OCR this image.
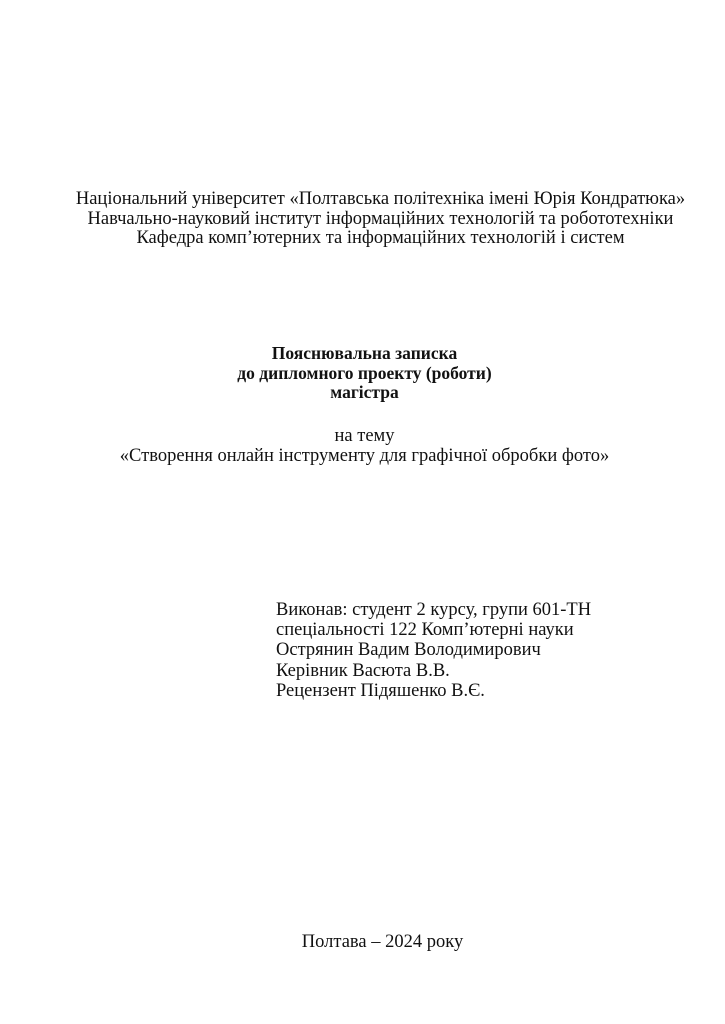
Національний університет «Полтавська політехніка імені Юрія Кондратюка»
Навчально-науковий інститут інформаційних технологій та робототехніки
Кафедра комп’ютерних та інформаційних технологій і систем
Пояснювальна записка
до дипломного проекту (роботи)
магістра
на тему
«Створення онлайн інструменту для графічної обробки фото»
Виконав: студент 2 курсу, групи 601-ТН
спеціальності 122 Комп’ютерні науки
Острянин Вадим Володимирович
Керівник Васюта В.В.
Рецензент Підяшенко В.Є.
Полтава – 2024 року
